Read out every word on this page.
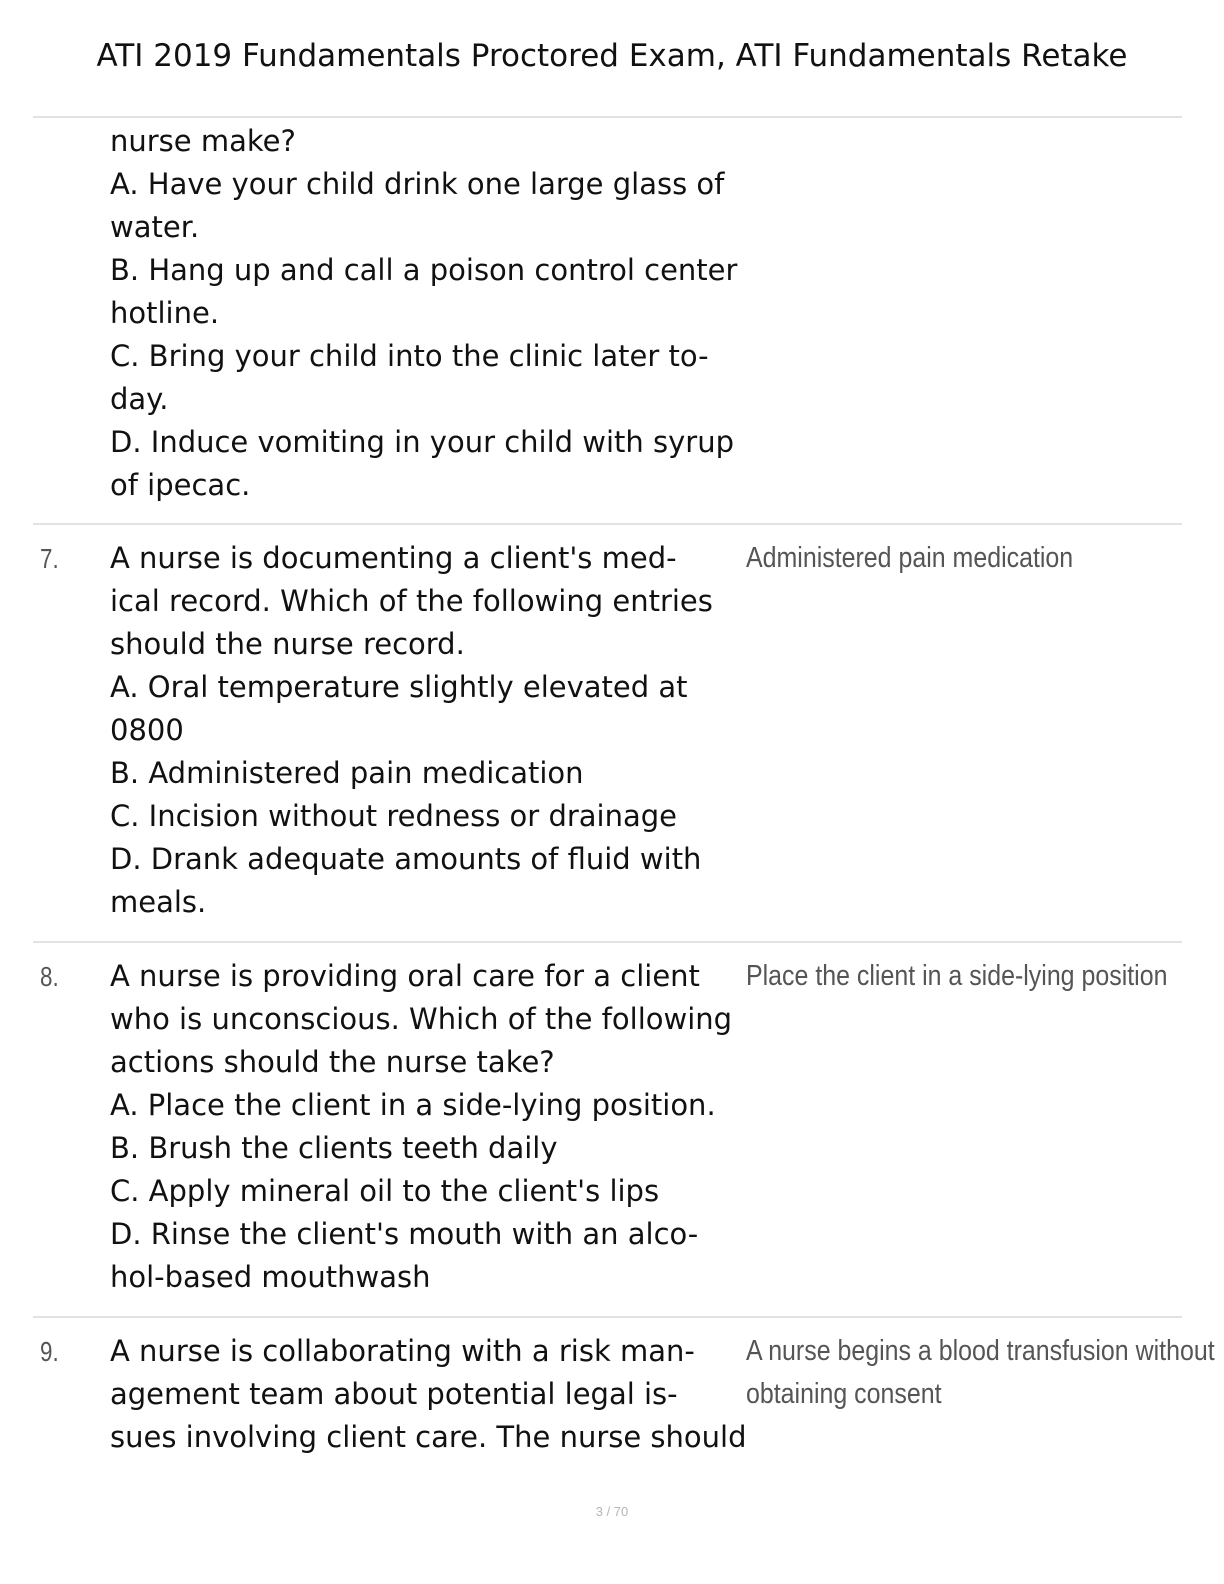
ATI 2019 Fundamentals Proctored Exam, ATI Fundamentals Retake
nurse make?
A. Have your child drink one large glass of
water.
B. Hang up and call a poison control center
hotline.
C. Bring your child into the clinic later to-
day.
D. Induce vomiting in your child with syrup
of ipecac.
7. A nurse is documenting a client's med-
ical record. Which of the following entries
should the nurse record.
A. Oral temperature slightly elevated at
0800
B. Administered pain medication
C. Incision without redness or drainage
D. Drank adequate amounts of fluid with
meals.
Administered pain medication
8. A nurse is providing oral care for a client
who is unconscious. Which of the following
actions should the nurse take?
A. Place the client in a side-lying position.
B. Brush the clients teeth daily
C. Apply mineral oil to the client's lips
D. Rinse the client's mouth with an alco-
hol-based mouthwash
Place the client in a side-lying position
9. A nurse is collaborating with a risk man-
agement team about potential legal is-
sues involving client care. The nurse should
A nurse begins a blood transfusion without
obtaining consent
3 / 70
